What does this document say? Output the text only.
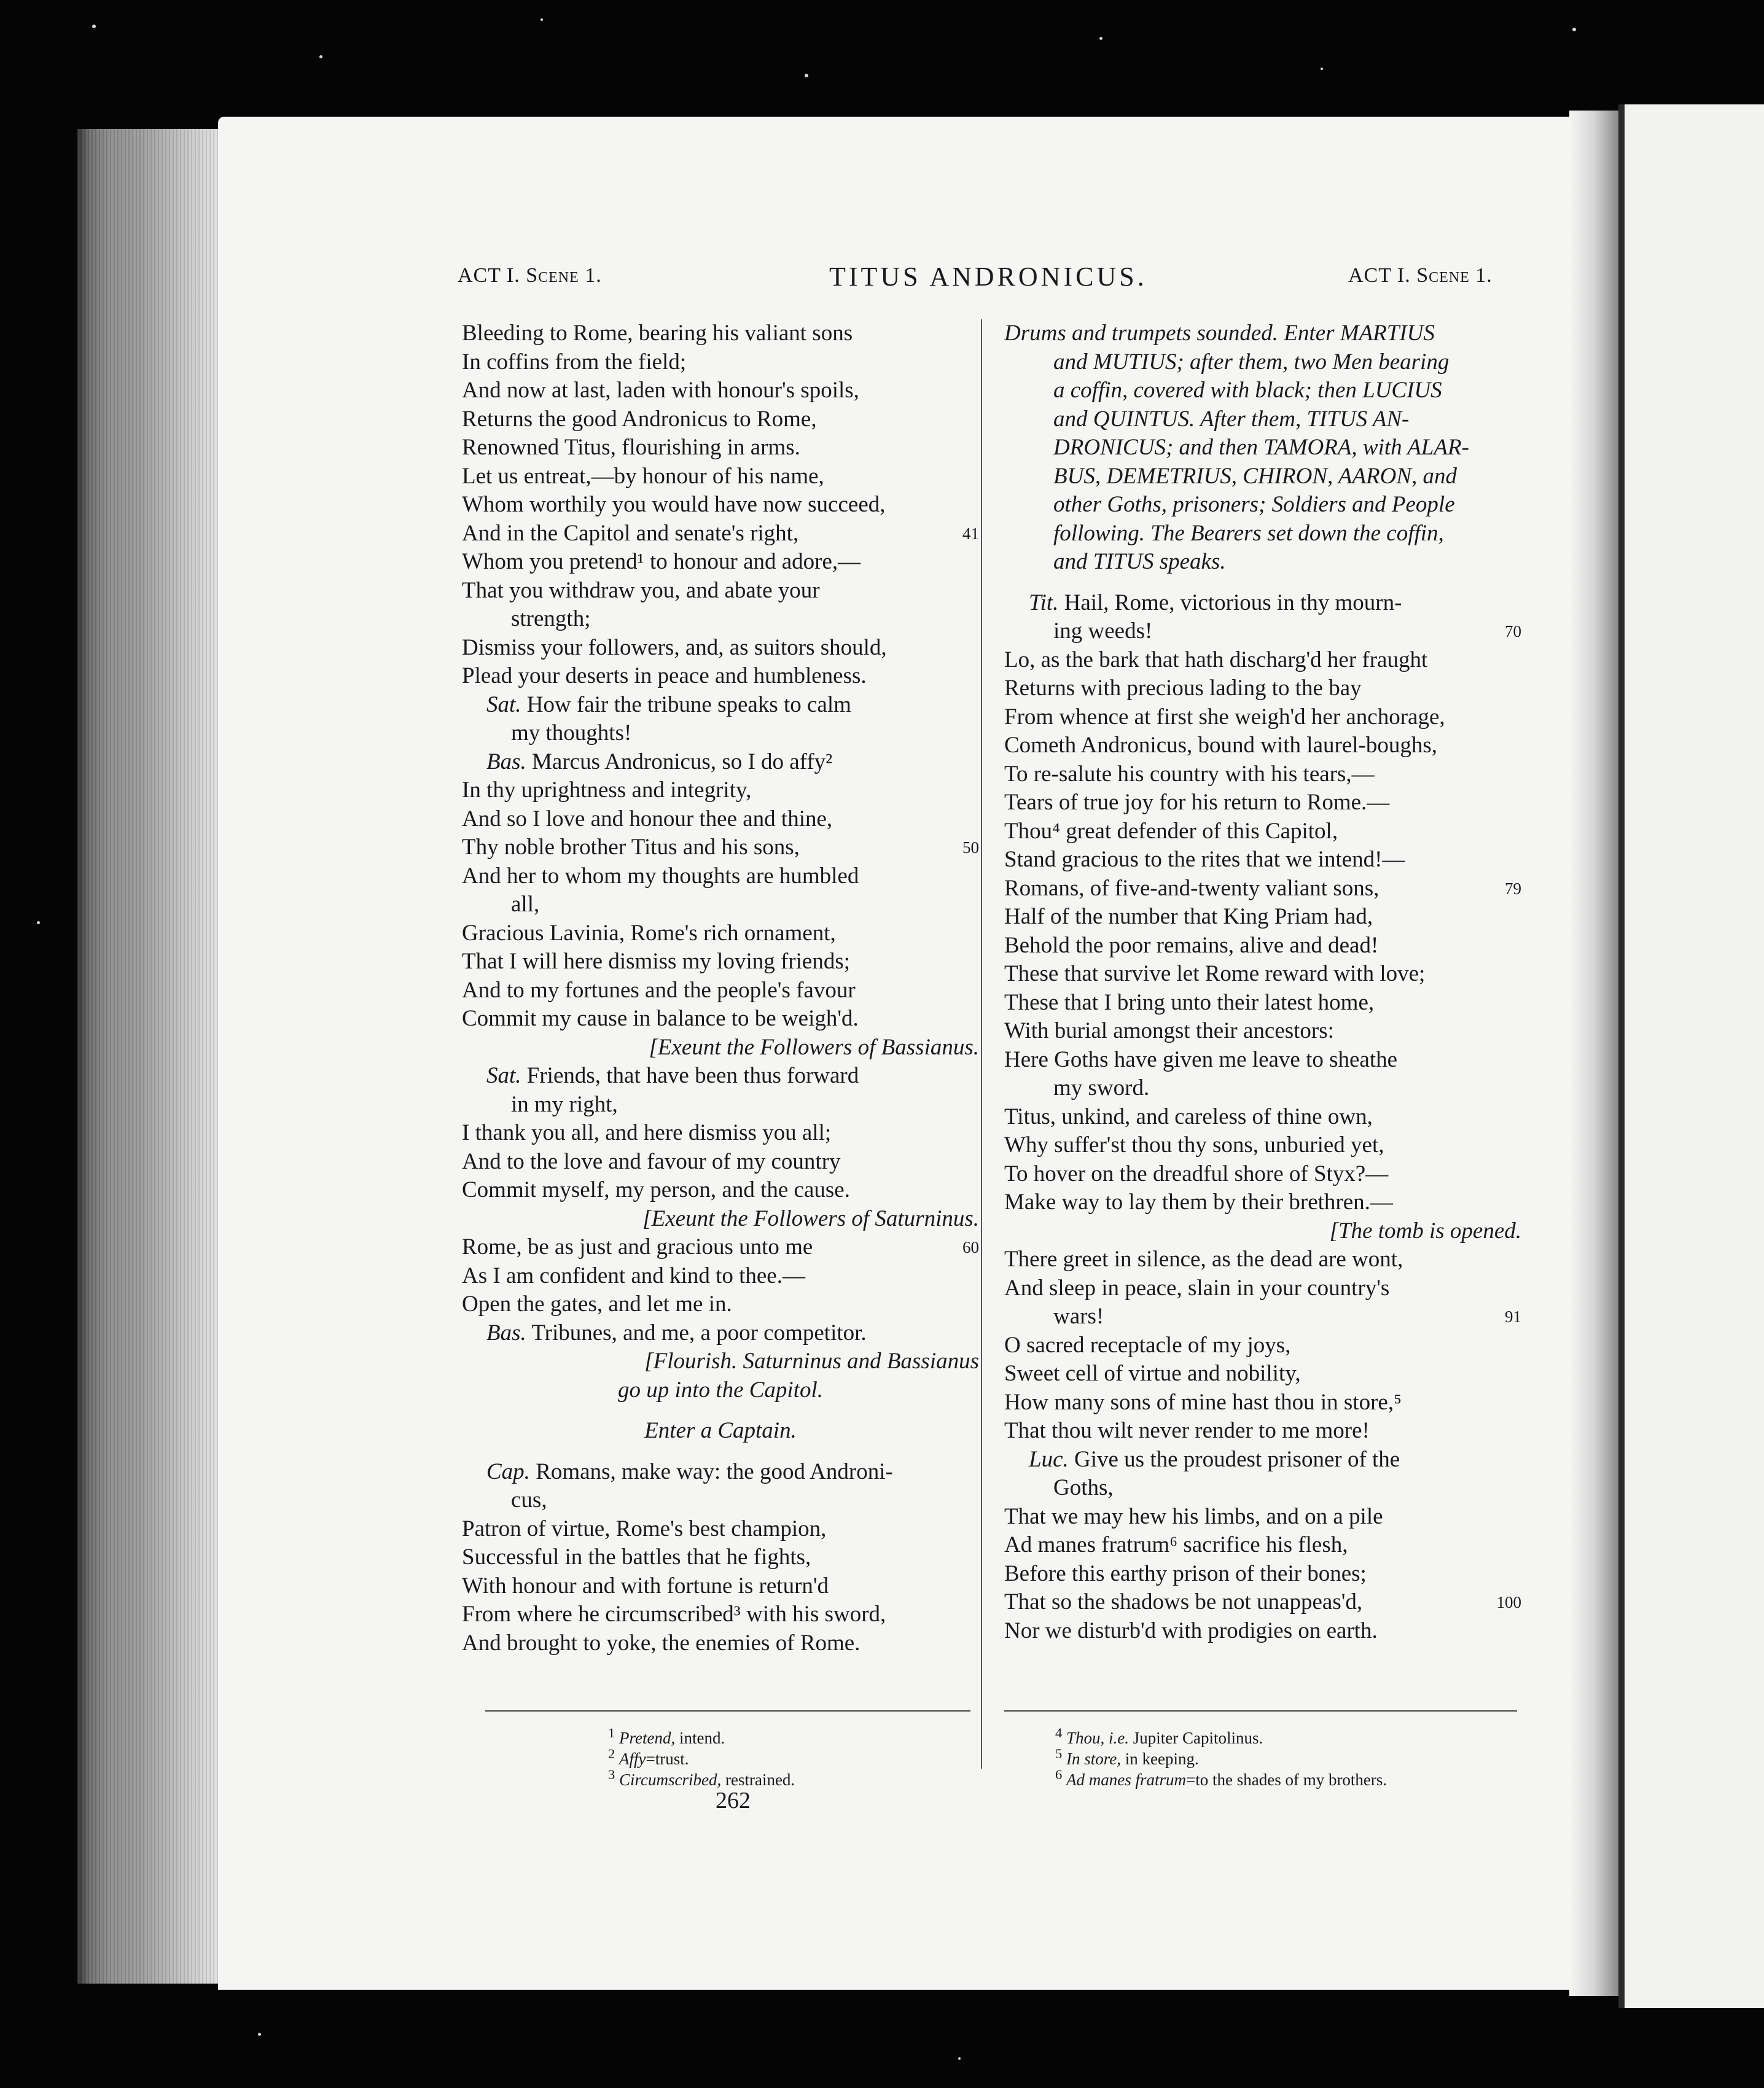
ACT I. Scene 1.	TITUS ANDRONICUS.	ACT I. Scene 1.
Bleeding to Rome, bearing his valiant sons
In coffins from the field;
And now at last, laden with honour's spoils,
Returns the good Andronicus to Rome,
Renowned Titus, flourishing in arms.
Let us entreat,—by honour of his name,
Whom worthily you would have now succeed,
And in the Capitol and senate's right,	41
Whom you pretend¹ to honour and adore,—
That you withdraw you, and abate your
strength;
Dismiss your followers, and, as suitors should,
Plead your deserts in peace and humbleness.
Sat. How fair the tribune speaks to calm
my thoughts!
Bas. Marcus Andronicus, so I do affy²
In thy uprightness and integrity,
And so I love and honour thee and thine,
Thy noble brother Titus and his sons,	50
And her to whom my thoughts are humbled
all,
Gracious Lavinia, Rome's rich ornament,
That I will here dismiss my loving friends;
And to my fortunes and the people's favour
Commit my cause in balance to be weigh'd.
[Exeunt the Followers of Bassianus.
Sat. Friends, that have been thus forward
in my right,
I thank you all, and here dismiss you all;
And to the love and favour of my country
Commit myself, my person, and the cause.
[Exeunt the Followers of Saturninus.
Rome, be as just and gracious unto me	60
As I am confident and kind to thee.—
Open the gates, and let me in.
Bas. Tribunes, and me, a poor competitor.
[Flourish. Saturninus and Bassianus
go up into the Capitol.
Enter a Captain.
Cap. Romans, make way: the good Androni-
cus,
Patron of virtue, Rome's best champion,
Successful in the battles that he fights,
With honour and with fortune is return'd
From where he circumscribed³ with his sword,
And brought to yoke, the enemies of Rome.
Drums and trumpets sounded. Enter MARTIUS
and MUTIUS; after them, two Men bearing
a coffin, covered with black; then LUCIUS
and QUINTUS. After them, TITUS AN-
DRONICUS; and then TAMORA, with ALAR-
BUS, DEMETRIUS, CHIRON, AARON, and
other Goths, prisoners; Soldiers and People
following. The Bearers set down the coffin,
and TITUS speaks.
Tit. Hail, Rome, victorious in thy mourn-
ing weeds!	70
Lo, as the bark that hath discharg'd her fraught
Returns with precious lading to the bay
From whence at first she weigh'd her anchorage,
Cometh Andronicus, bound with laurel-boughs,
To re-salute his country with his tears,—
Tears of true joy for his return to Rome.—
Thou⁴ great defender of this Capitol,
Stand gracious to the rites that we intend!—
Romans, of five-and-twenty valiant sons,	79
Half of the number that King Priam had,
Behold the poor remains, alive and dead!
These that survive let Rome reward with love;
These that I bring unto their latest home,
With burial amongst their ancestors:
Here Goths have given me leave to sheathe
my sword.
Titus, unkind, and careless of thine own,
Why suffer'st thou thy sons, unburied yet,
To hover on the dreadful shore of Styx?—
Make way to lay them by their brethren.—
[The tomb is opened.
There greet in silence, as the dead are wont,
And sleep in peace, slain in your country's
wars!	91
O sacred receptacle of my joys,
Sweet cell of virtue and nobility,
How many sons of mine hast thou in store,⁵
That thou wilt never render to me more!
Luc. Give us the proudest prisoner of the
Goths,
That we may hew his limbs, and on a pile
Ad manes fratrum⁶ sacrifice his flesh,
Before this earthy prison of their bones;
That so the shadows be not unappeas'd,	100
Nor we disturb'd with prodigies on earth.
$^1$ Pretend, intend.
$^2$ Affy=trust.
$^3$ Circumscribed, restrained.
$^4$ Thou, i.e. Jupiter Capitolinus.
$^5$ In store, in keeping.
$^6$ Ad manes fratrum=to the shades of my brothers.
262
